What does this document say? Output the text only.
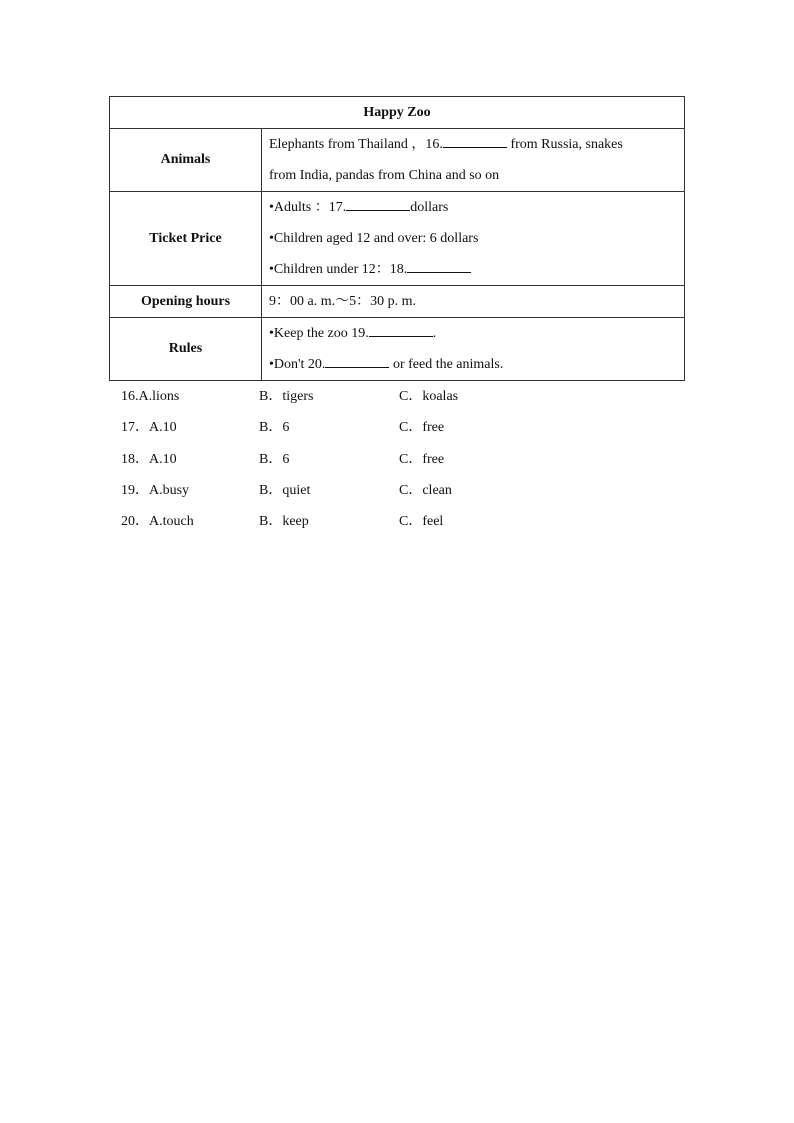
Happy Zoo	
Animals	Elephants from Thailand ，16. from Russia, snakes
from India, pandas from China and so on

Ticket Price	• Adults ：17. dollars
• Children aged 12 and over: 6 dollars
• Children under 12：18.

Opening hours	9：00 a. m.～5：30 p. m.

Rules	• Keep the zoo 19. .
• Don't 20. or feed the animals.
16.A.lions	B．tigers	C．koalas
17．A.10	B．6	C．free
18．A.10	B．6	C．free
19．A.busy	B．quiet	C．clean
20．A.touch	B．keep	C．feel
